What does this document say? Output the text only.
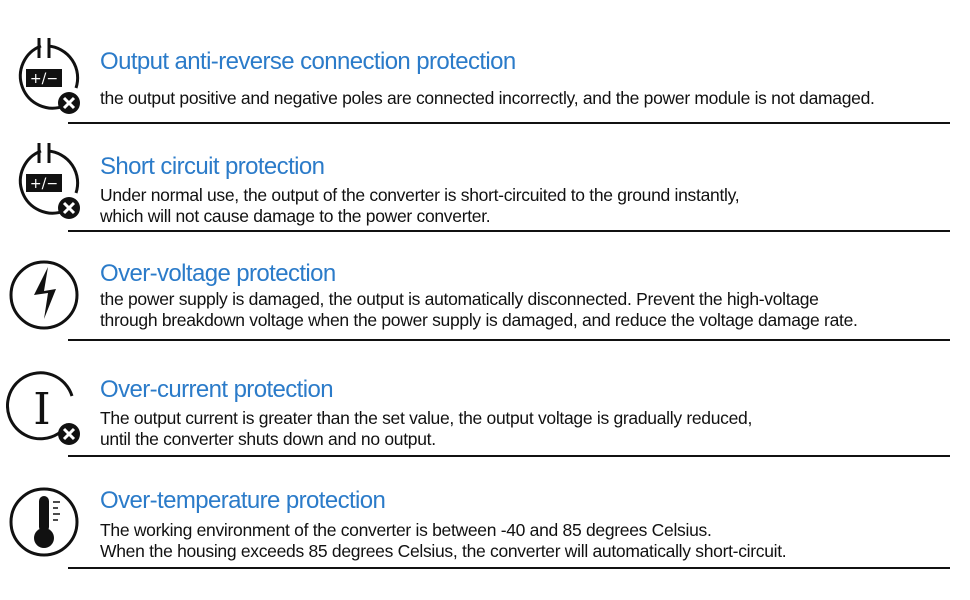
+/−
Output anti-reverse connection protection

the output positive and negative poles are connected incorrectly, and the power module is not damaged.

+/−
Short circuit protection

Under normal use, the output of the converter is short-circuited to the ground instantly,
which will not cause damage to the power converter.

Over-voltage protection

the power supply is damaged, the output is automatically disconnected. Prevent the high-voltage
through breakdown voltage when the power supply is damaged, and reduce the voltage damage rate.

I Over-current protection

The output current is greater than the set value, the output voltage is gradually reduced,
until the converter shuts down and no output.

Over-temperature protection

The working environment of the converter is between -40 and 85 degrees Celsius.
When the housing exceeds 85 degrees Celsius, the converter will automatically short-circuit.
